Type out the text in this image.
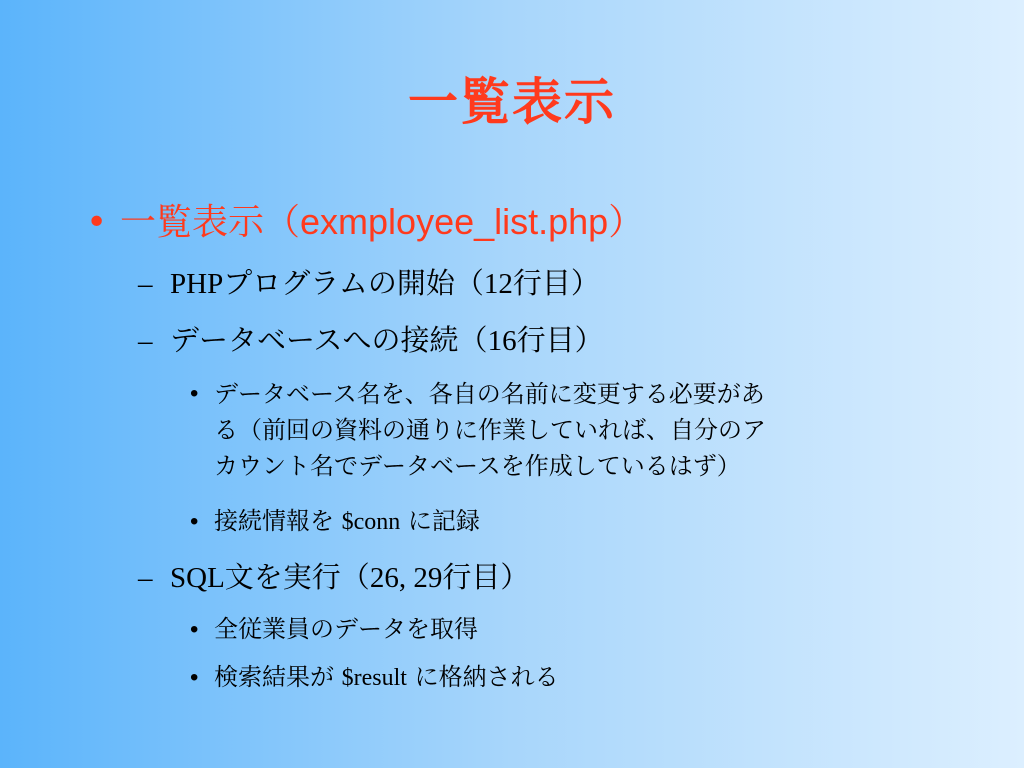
一覧表示
• 一覧表示（exmployee_list.php）
– PHPプログラムの開始（12行目）
– データベースへの接続（16行目）
• データベース名を、各自の名前に変更する必要があ
る（前回の資料の通りに作業していれば、自分のア
カウント名でデータベースを作成しているはず）
• 接続情報を $conn に記録
– SQL文を実行（26, 29行目）
• 全従業員のデータを取得
• 検索結果が $result に格納される
